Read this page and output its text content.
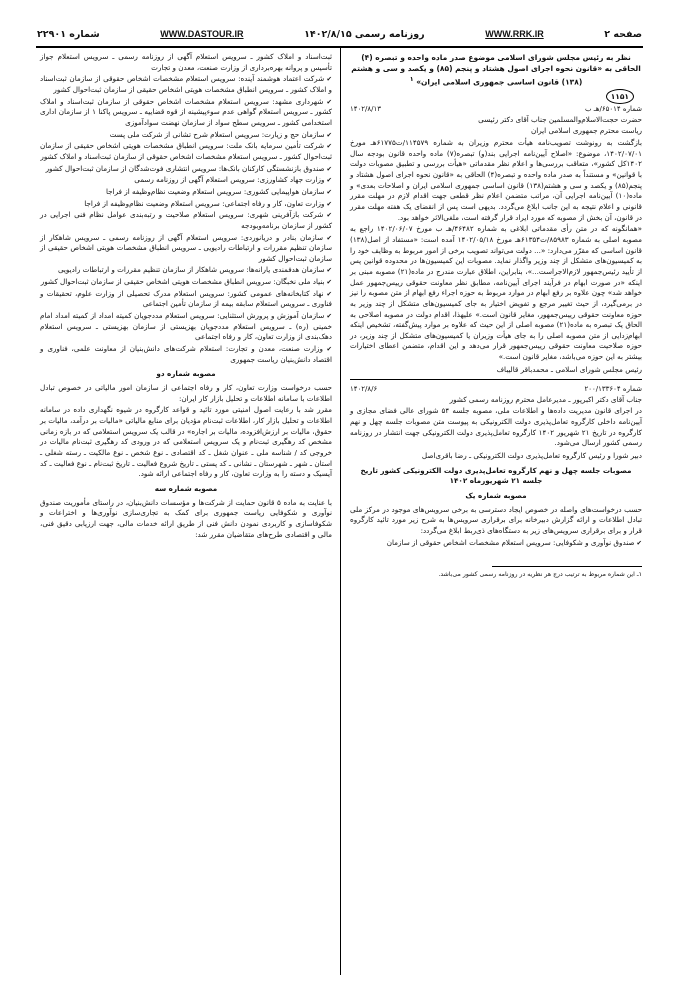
صفحه ۲
WWW.RRK.IR
روزنامه رسمی ۱۴۰۲/۸/۱۵
WWW.DASTOUR.IR
شماره ۲۲۹۰۱

نظر به رئیس مجلس شورای اسلامی موضوع صدر ماده واحده و تبصره (۴) الحاقی به «قانون نحوه اجرای اصول هشتاد و پنجم (۸۵) و یکصد و سی و هشتم (۱۳۸) قانون اساسی جمهوری اسلامی ایران» $^۱$

۱۱۵۱
شماره ۶۵۰۱۴/هـ ب
۱۴۰۲/۸/۱۳

حضرت حجت‌الاسلام‌والمسلمین جناب آقای دکتر رئیسی

ریاست محترم جمهوری اسلامی ایران

بازگشت به رونوشت تصویب‌نامه هیأت محترم وزیران به شماره ۱۱۴۵۷۹/ت۶۱۷۷۵هـ مورخ ۱۴۰۲/۰۷/۰۱، موضوع: «اصلاح آیین‌نامه اجرایی بند(و) تبصره(۷) ماده واحده قانون بودجه سال ۱۴۰۲کل کشور»، متعاقب بررسی‌ها و اعلام نظر مقدماتی «هیأت بررسی و تطبیق مصوبات دولت با قوانین» و مستنداً به صدر ماده واحده و تبصره(۴) الحاقی به «قانون نحوه اجرای اصول هشتاد و پنجم(۸۵) و یکصد و سی و هشتم(۱۳۸) قانون اساسی جمهوری اسلامی ایران و اصلاحات بعدی» و ماده(۱۰) آیین‌نامه اجرایی آن، مراتب متضمن اعلام نظر قطعی جهت اقدام لازم در مهلت مقرر قانونی و اعلام نتیجه به این جانب ابلاغ می‌گردد. بدیهی است پس از انقضای یک هفته مهلت مقرر در قانون، آن بخش از مصوبه که مورد ایراد قرار گرفته است، ملغی‌الاثر خواهد بود.

«همانگونه که در متن رأی مقدماتی ابلاغی به شماره ۴۶۴۸۲/هـ ب مورخ ۱۴۰۲/۰۶/۰۷ راجع به مصوبه اصلی به شماره ۸۵۹۸۳/ت۶۱۳۵۴هـ مورخ ۱۴۰۲/۰۵/۱۸ آمده است: «مستفاد از اصل(۱۳۸) قانون اساسی که مقرّر می‌دارد: «... دولت می‌تواند تصویب برخی از امور مربوط به وظایف خود را به کمیسیون‌های متشکل از چند وزیر واگذار نماید. مصوبات این کمیسیون‌ها در محدوده قوانین پس از تأیید رئیس‌جمهور لازم‌الاجراست...»، بنابراین، اطلاق عبارت مندرج در ماده(۲۱) مصوبه مبنی بر اینکه «در صورت ابهام در فرآیند اجرای آیین‌نامه، مطابق نظر معاونت حقوقی رییس‌جمهور عمل خواهد شد» چون علاوه بر رفع ابهام در موارد مربوط به حوزه اجراء رفع ابهام از متن مصوبه را نیز در برمی‌گیرد، از حیث تغییر مرجع و تفویض اختیار به جای کمیسیون‌های متشکل از چند وزیر به حوزه معاونت حقوقی رییس‌جمهور، مغایر قانون است.» علیهذا، اقدام دولت در مصوبه اصلاحی به الحاق یک تبصره به ماده(۲۱) مصوبه اصلی از این حیث که علاوه بر موارد پیش‌گفته، تشخیص اینکه ابهام‌زدایی از متن مصوبه اصلی را به جای هیأت وزیران یا کمیسیون‌های متشکل از چند وزیر، در حوزه صلاحیت معاونت حقوقی رییس‌جمهور قرار می‌دهد و این اقدام، متضمن اعطای اختیارات بیشتر به این حوزه می‌باشد، مغایر قانون است.»

رئیس مجلس شورای اسلامی ـ محمدباقر قالیباف

شماره ۲۰۰/۱۳۳۶۰۴
۱۴۰۲/۸/۶

جناب آقای دکتر اکبرپور ـ مدیرعامل محترم روزنامه رسمی کشور

در اجرای قانون مدیریت داده‌ها و اطلاعات ملی، مصوبه جلسه ۵۴ شورای عالی فضای مجازی و آیین‌نامه داخلی کارگروه تعامل‌پذیری دولت الکترونیکی به پیوست متن مصوبات جلسه چهل و نهم کارگروه در تاریخ ۲۱ شهریور ۱۴۰۲ کارگروه تعامل‌پذیری دولت الکترونیکی جهت انتشار در روزنامه رسمی کشور ارسال می‌شود.

دبیر شورا و رئیس کارگروه تعامل‌پذیری دولت الکترونیکی ـ رضا باقری‌اصل

مصوبات جلسه چهل و نهم کارگروه تعامل‌پذیری دولت الکترونیکی کشور تاریخ جلسه ۲۱ شهریورماه ۱۴۰۲

مصوبه شماره یک

حسب درخواست‌های واصله در خصوص ایجاد دسترسی به برخی سرویس‌های موجود در مرکز ملی تبادل اطلاعات و ارائه گزارش دبیرخانه برای برقراری سرویس‌ها به شرح زیر مورد تائید کارگروه قرار و برای برقراری سرویس‌های زیر به دستگاه‌های ذی‌ربط ابلاغ می‌گردد:

✔ صندوق نوآوری و شکوفایی: سرویس استعلام مشخصات اشخاص حقوقی از سازمان

۱ـ این شماره مربوط به ترتیب درج هر نظریه در روزنامه رسمی کشور می‌باشد.

ثبت‌اسناد و املاک کشور ـ سرویس استعلام آگهی از روزنامه رسمی ـ سرویس استعلام جواز تأسیس و پروانه بهره‌برداری از وزارت صنعت، معدن و تجارت

✔ شرکت اعتماد هوشمند آینده: سرویس استعلام مشخصات اشخاص حقوقی از سازمان ثبت‌اسناد و املاک کشور ـ سرویس انطباق مشخصات هویتی اشخاص حقیقی از سازمان ثبت‌احوال کشور

✔ شهرداری مشهد: سرویس استعلام مشخصات اشخاص حقوقی از سازمان ثبت‌اسناد و املاک کشور ـ سرویس استعلام گواهی عدم سوءپیشینه از قوه قضاییه ـ سرویس پاکنا ۱ از سازمان اداری استخدامی کشور ـ سرویس سطح سواد از سازمان نهضت سوادآموزی

✔ سازمان حج و زیارت: سرویس استعلام شرح تشانی از شرکت ملی پست

✔ شرکت تأمین سرمایه بانک ملت: سرویس انطباق مشخصات هویتی اشخاص حقیقی از سازمان ثبت‌احوال کشور ـ سرویس استعلام مشخصات اشخاص حقوقی از سازمان ثبت‌اسناد و املاک کشور

✔ صندوق بازنشستگی کارکنان بانک‌ها: سرویس انتشاری فوت‌شدگان از سازمان ثبت‌احوال کشور

✔ وزارت جهاد کشاورزی: سرویس استعلام آگهی از روزنامه رسمی

✔ سازمان هواپیمایی کشوری: سرویس استعلام وضعیت نظام‌وظیفه از فراجا

✔ وزارت تعاون، کار و رفاه اجتماعی: سرویس استعلام وضعیت نظام‌وظیفه از فراجا

✔ شرکت بازآفرینی شهری: سرویس استعلام صلاحیت و رتبه‌بندی عوامل نظام فنی اجرایی در کشور از سازمان برنامه‌وبودجه

✔ سازمان بنادر و دریانوردی: سرویس استعلام آگهی از روزنامه رسمی ـ سرویس شاهکار از سازمان تنظیم مقررات و ارتباطات رادیویی ـ سرویس انطباق مشخصات هویتی اشخاص حقیقی از سازمان ثبت‌احوال کشور

✔ سازمان هدفمندی یارانه‌ها: سرویس شاهکار از سازمان تنظیم مقررات و ارتباطات رادیویی

✔ بنیاد ملی نخبگان: سرویس انطباق مشخصات هویتی اشخاص حقیقی از سازمان ثبت‌احوال کشور

✔ نهاد کتابخانه‌های عمومی کشور: سرویس استعلام مدرک تحصیلی از وزارت علوم، تحقیقات و فناوری ـ سرویس استعلام سابقه بیمه از سازمان تأمین اجتماعی

✔ سازمان آموزش و پرورش استثنایی: سرویس استعلام مددجویان کمیته امداد از کمیته امداد امام خمینی (ره) ـ سرویس استعلام مددجویان بهزیستی از سازمان بهزیستی ـ سرویس استعلام دهک‌بندی از وزارت تعاون، کار و رفاه اجتماعی

✔ وزارت صنعت، معدن و تجارت: استعلام شرکت‌های دانش‌بنیان از معاونت علمی، فناوری و اقتصاد دانش‌بنیان ریاست جمهوری

مصوبه شماره دو

حسب درخواست وزارت تعاون، کار و رفاه اجتماعی از سازمان امور مالیاتی در خصوص تبادل اطلاعات با سامانه اطلاعات و تحلیل بازار کار ایران:

مقرر شد با رعایت اصول امنیتی مورد تائید و قواعد کارگروه در شیوه نگهداری داده در سامانه اطلاعات و تحلیل بازار کار، اطلاعات ثبت‌نام مؤدیان برای منابع مالیاتی «مالیات بر درآمد، مالیات بر حقوق، مالیات بر ارزش‌افزوده، مالیات بر اجاره» در قالب یک سرویس استعلامی که در بازه زمانی مشخص کد رهگیری ثبت‌نام و یک سرویس استعلامی که در ورودی کد رهگیری ثبت‌نام مالیات در خروجی کد / شناسه ملی ـ عنوان شغل ـ کد اقتصادی ـ نوع شخص ـ نوع مالکیت ـ رسته شغلی ـ استان ـ شهر ـ شهرستان ـ نشانی ـ کد پستی ـ تاریخ شروع فعالیت ـ تاریخ ثبت‌نام ـ نوع فعالیت ـ کد آیسیک و دسته را به وزارت تعاون، کار و رفاه اجتماعی ارائه شود.

مصوبه شماره سه

با عنایت به ماده ۵ قانون حمایت از شرکت‌ها و مؤسسات دانش‌بنیان، در راستای مأموریت صندوق نوآوری و شکوفایی ریاست جمهوری برای کمک به تجاری‌سازی نوآوری‌ها و اختراعات و شکوفاسازی و کاربردی نمودن دانش فنی از طریق ارائه خدمات مالی، جهت ارزیابی دقیق فنی، مالی و اقتصادی طرح‌های متقاضیان مقرر شد:
